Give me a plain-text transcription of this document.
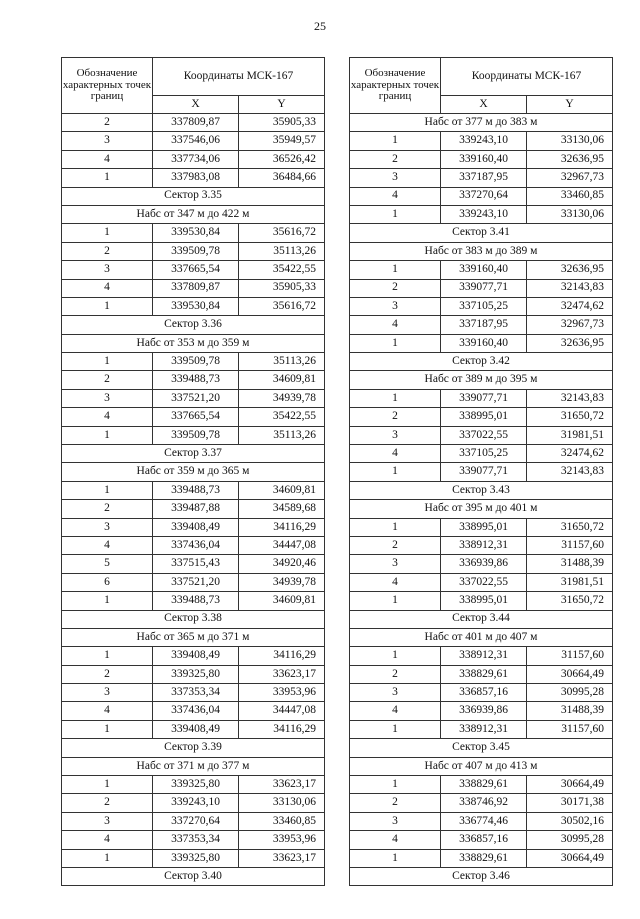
25
Обозначение характерных точек границ	Координаты МСК-167	
	X	Y
2	337809,87	35905,33
3	337546,06	35949,57
4	337734,06	36526,42
1	337983,08	36484,66
Сектор 3.35		
Набс от 347 м до 422 м		
1	339530,84	35616,72
2	339509,78	35113,26
3	337665,54	35422,55
4	337809,87	35905,33
1	339530,84	35616,72
Сектор 3.36		
Набс от 353 м до 359 м		
1	339509,78	35113,26
2	339488,73	34609,81
3	337521,20	34939,78
4	337665,54	35422,55
1	339509,78	35113,26
Сектор 3.37		
Набс от 359 м до 365 м		
1	339488,73	34609,81
2	339487,88	34589,68
3	339408,49	34116,29
4	337436,04	34447,08
5	337515,43	34920,46
6	337521,20	34939,78
1	339488,73	34609,81
Сектор 3.38		
Набс от 365 м до 371 м		
1	339408,49	34116,29
2	339325,80	33623,17
3	337353,34	33953,96
4	337436,04	34447,08
1	339408,49	34116,29
Сектор 3.39		
Набс от 371 м до 377 м		
1	339325,80	33623,17
2	339243,10	33130,06
3	337270,64	33460,85
4	337353,34	33953,96
1	339325,80	33623,17
Сектор 3.40		
Обозначение характерных точек границ	Координаты МСК-167	
	X	Y
Набс от 377 м до 383 м		
1	339243,10	33130,06
2	339160,40	32636,95
3	337187,95	32967,73
4	337270,64	33460,85
1	339243,10	33130,06
Сектор 3.41		
Набс от 383 м до 389 м		
1	339160,40	32636,95
2	339077,71	32143,83
3	337105,25	32474,62
4	337187,95	32967,73
1	339160,40	32636,95
Сектор 3.42		
Набс от 389 м до 395 м		
1	339077,71	32143,83
2	338995,01	31650,72
3	337022,55	31981,51
4	337105,25	32474,62
1	339077,71	32143,83
Сектор 3.43		
Набс от 395 м до 401 м		
1	338995,01	31650,72
2	338912,31	31157,60
3	336939,86	31488,39
4	337022,55	31981,51
1	338995,01	31650,72
Сектор 3.44		
Набс от 401 м до 407 м		
1	338912,31	31157,60
2	338829,61	30664,49
3	336857,16	30995,28
4	336939,86	31488,39
1	338912,31	31157,60
Сектор 3.45		
Набс от 407 м до 413 м		
1	338829,61	30664,49
2	338746,92	30171,38
3	336774,46	30502,16
4	336857,16	30995,28
1	338829,61	30664,49
Сектор 3.46		
